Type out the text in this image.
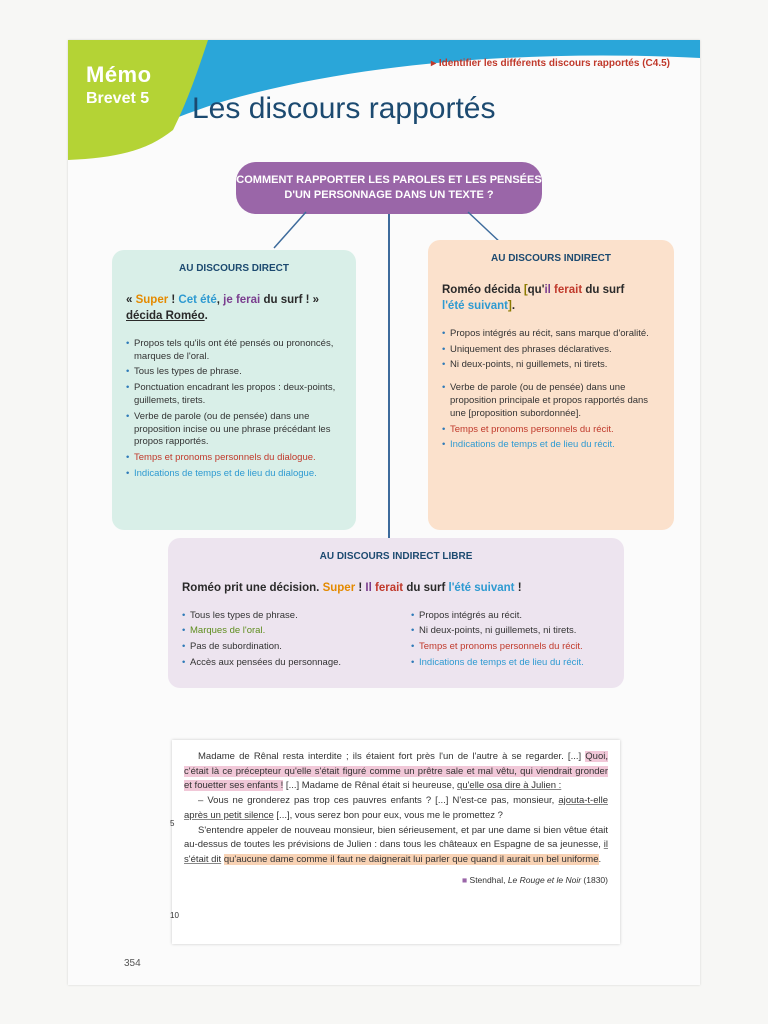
Mémo
Brevet 5
▸ Identifier les différents discours rapportés (C4.5)
Les discours rapportés
COMMENT RAPPORTER LES PAROLES ET LES PENSÉES D'UN PERSONNAGE DANS UN TEXTE ?
AU DISCOURS DIRECT
« Super ! Cet été, je ferai du surf ! »
décida Roméo.
• Propos tels qu'ils ont été pensés ou prononcés, marques de l'oral.
• Tous les types de phrase.
• Ponctuation encadrant les propos : deux-points, guillemets, tirets.
• Verbe de parole (ou de pensée) dans une proposition incise ou une phrase précédant les propos rapportés.
• Temps et pronoms personnels du dialogue.
• Indications de temps et de lieu du dialogue.
AU DISCOURS INDIRECT
Roméo décida [qu'il ferait du surf
l'été suivant].
• Propos intégrés au récit, sans marque d'oralité.
• Uniquement des phrases déclaratives.
• Ni deux-points, ni guillemets, ni tirets.
• Verbe de parole (ou de pensée) dans une proposition principale et propos rapportés dans une [proposition subordonnée].
• Temps et pronoms personnels du récit.
• Indications de temps et de lieu du récit.
AU DISCOURS INDIRECT LIBRE
Roméo prit une décision. Super ! Il ferait du surf l'été suivant !
• Tous les types de phrase.
• Marques de l'oral.
• Pas de subordination.
• Accès aux pensées du personnage.
• Propos intégrés au récit.
• Ni deux-points, ni guillemets, ni tirets.
• Temps et pronoms personnels du récit.
• Indications de temps et de lieu du récit.

Madame de Rênal resta interdite ; ils étaient fort près l'un de l'autre à se regarder. [...] Quoi, c'était là ce précepteur qu'elle s'était figuré comme un prêtre sale et mal vêtu, qui viendrait gronder et fouetter ses enfants ! [...] Madame de Rênal était si heureuse, qu'elle osa dire à Julien :

5

– Vous ne gronderez pas trop ces pauvres enfants ? [...] N'est-ce pas, monsieur, ajouta-t-elle après un petit silence [...], vous serez bon pour eux, vous me le promettez ?

S'entendre appeler de nouveau monsieur, bien sérieusement, et par une dame si bien vêtue était au-dessus de toutes les prévisions de Julien : dans tous les châteaux en Espagne de sa jeunesse, il s'était dit qu'aucune dame comme il faut ne daignerait lui parler que quand il aurait un bel uniforme.

10
■ Stendhal, Le Rouge et le Noir (1830)
354
